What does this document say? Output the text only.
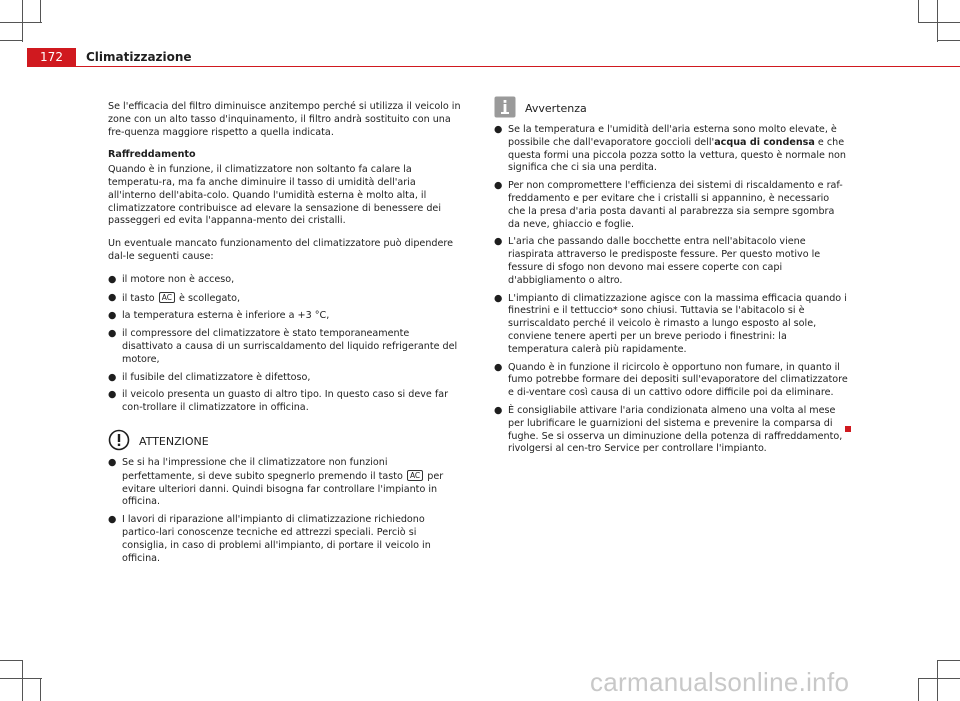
172	Climatizzazione

Se l'efficacia del filtro diminuisce anzitempo perché si utilizza il veicolo in zone con un alto tasso d'inquinamento, il filtro andrà sostituito con una fre-quenza maggiore rispetto a quella indicata.

Raffreddamento

Quando è in funzione, il climatizzatore non soltanto fa calare la temperatu-ra, ma fa anche diminuire il tasso di umidità dell'aria all'interno dell'abita-colo. Quando l'umidità esterna è molto alta, il climatizzatore contribuisce ad elevare la sensazione di benessere dei passeggeri ed evita l'appanna-mento dei cristalli.

Un eventuale mancato funzionamento del climatizzatore può dipendere dal-le seguenti cause:

● il motore non è acceso,
● il tasto AC è scollegato,
● la temperatura esterna è inferiore a +3 °C,
● il compressore del climatizzatore è stato temporaneamente disattivato a causa di un surriscaldamento del liquido refrigerante del motore,
● il fusibile del climatizzatore è difettoso,
● il veicolo presenta un guasto di altro tipo. In questo caso si deve far con-trollare il climatizzatore in officina.
ATTENZIONE
● Se si ha l'impressione che il climatizzatore non funzioni perfettamente, si deve subito spegnerlo premendo il tasto AC per evitare ulteriori danni. Quindi bisogna far controllare l'impianto in officina.
● I lavori di riparazione all'impianto di climatizzazione richiedono partico-lari conoscenze tecniche ed attrezzi speciali. Perciò si consiglia, in caso di problemi all'impianto, di portare il veicolo in officina.
Avvertenza
● Se la temperatura e l'umidità dell'aria esterna sono molto elevate, è possibile che dall'evaporatore goccioli dell'acqua di condensa e che questa formi una piccola pozza sotto la vettura, questo è normale non significa che ci sia una perdita.
● Per non compromettere l'efficienza dei sistemi di riscaldamento e raf-freddamento e per evitare che i cristalli si appannino, è necessario che la presa d'aria posta davanti al parabrezza sia sempre sgombra da neve, ghiaccio e foglie.
● L'aria che passando dalle bocchette entra nell'abitacolo viene riaspirata attraverso le predisposte fessure. Per questo motivo le fessure di sfogo non devono mai essere coperte con capi d'abbigliamento o altro.
● L'impianto di climatizzazione agisce con la massima efficacia quando i finestrini e il tettuccio* sono chiusi. Tuttavia se l'abitacolo si è surriscaldato perché il veicolo è rimasto a lungo esposto al sole, conviene tenere aperti per un breve periodo i finestrini: la temperatura calerà più rapidamente.
● Quando è in funzione il ricircolo è opportuno non fumare, in quanto il fumo potrebbe formare dei depositi sull'evaporatore del climatizzatore e di-ventare così causa di un cattivo odore difficile poi da eliminare.
● È consigliabile attivare l'aria condizionata almeno una volta al mese per lubrificare le guarnizioni del sistema e prevenire la comparsa di fughe. Se si osserva un diminuzione della potenza di raffreddamento, rivolgersi al cen-tro Service per controllare l'impianto.
carmanualsonline.info
